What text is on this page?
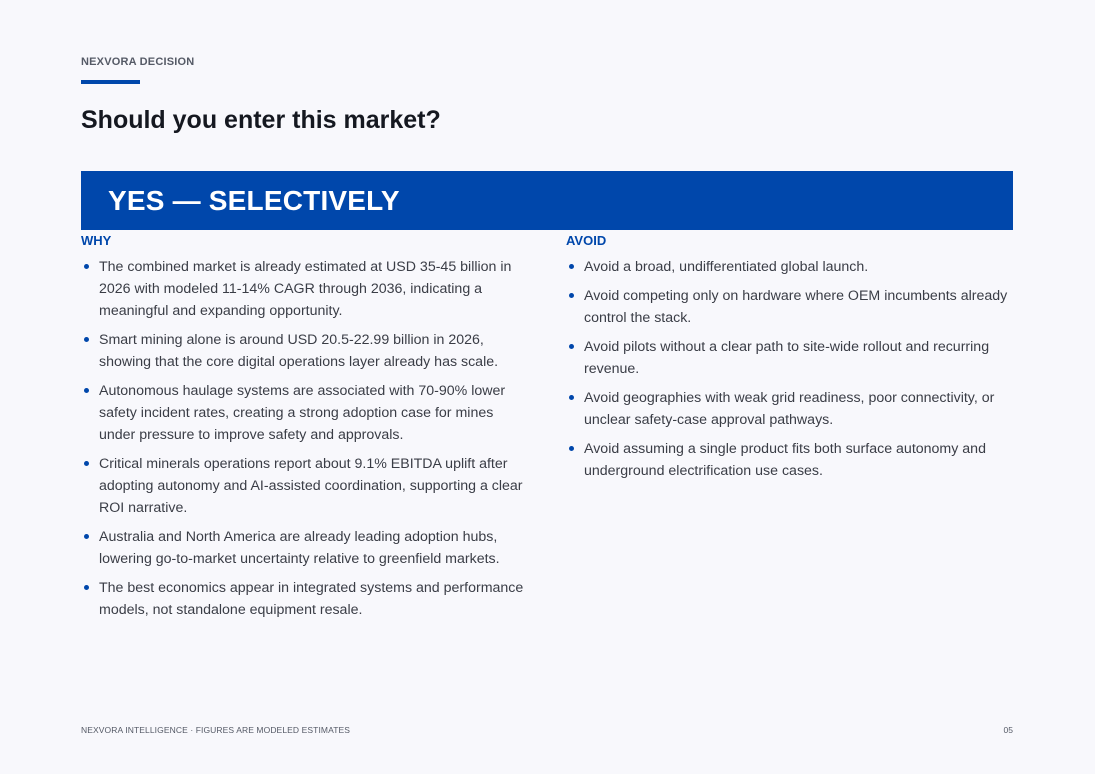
NEXVORA DECISION
Should you enter this market?
YES — SELECTIVELY
WHY
The combined market is already estimated at USD 35-45 billion in 2026 with modeled 11-14% CAGR through 2036, indicating a meaningful and expanding opportunity.
Smart mining alone is around USD 20.5-22.99 billion in 2026, showing that the core digital operations layer already has scale.
Autonomous haulage systems are associated with 70-90% lower safety incident rates, creating a strong adoption case for mines under pressure to improve safety and approvals.
Critical minerals operations report about 9.1% EBITDA uplift after adopting autonomy and AI-assisted coordination, supporting a clear ROI narrative.
Australia and North America are already leading adoption hubs, lowering go-to-market uncertainty relative to greenfield markets.
The best economics appear in integrated systems and performance models, not standalone equipment resale.
AVOID
Avoid a broad, undifferentiated global launch.
Avoid competing only on hardware where OEM incumbents already control the stack.
Avoid pilots without a clear path to site-wide rollout and recurring revenue.
Avoid geographies with weak grid readiness, poor connectivity, or unclear safety-case approval pathways.
Avoid assuming a single product fits both surface autonomy and underground electrification use cases.
NEXVORA INTELLIGENCE · FIGURES ARE MODELED ESTIMATES	05
